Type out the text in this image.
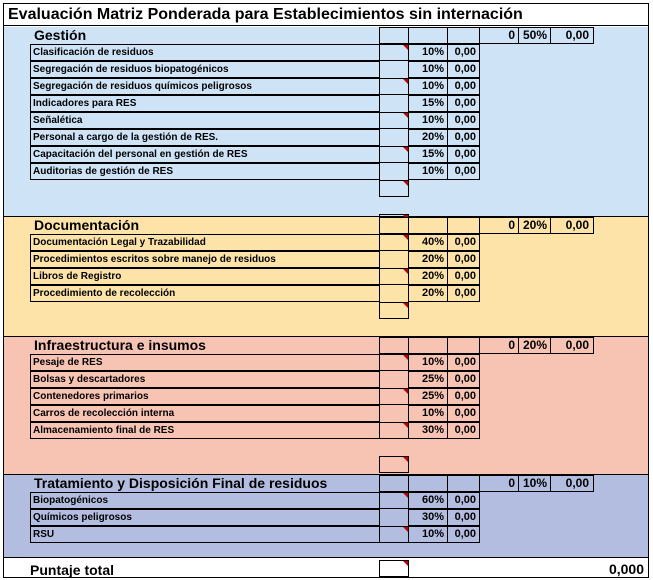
Evaluación Matriz Ponderada para Establecimientos sin internación
Gestión	0 50%	0,00
Clasificación de residuos	10% 0,00
Segregación de residuos biopatogénicos	10% 0,00
Segregación de residuos químicos peligrosos	10% 0,00
Indicadores para RES	15% 0,00
Señalética	10% 0,00
Personal a cargo de la gestión de RES.	20% 0,00
Capacitación del personal en gestión de RES	15% 0,00
Auditorias de gestión de RES	10% 0,00
Documentación	0 20%	0,00
Documentación Legal y Trazabilidad	40% 0,00
Procedimientos escritos sobre manejo de residuos	20% 0,00
Libros de Registro	20% 0,00
Procedimiento de recolección	20% 0,00
Infraestructura e insumos	0 20%	0,00
Pesaje de RES	10% 0,00
Bolsas y descartadores	25% 0,00
Contenedores primarios	25% 0,00
Carros de recolección interna	10% 0,00
Almacenamiento final de RES	30% 0,00
Tratamiento y Disposición Final de residuos	0 10%	0,00
Biopatogénicos	60% 0,00
Químicos peligrosos	30% 0,00
RSU	10% 0,00
Puntaje total	0,000
